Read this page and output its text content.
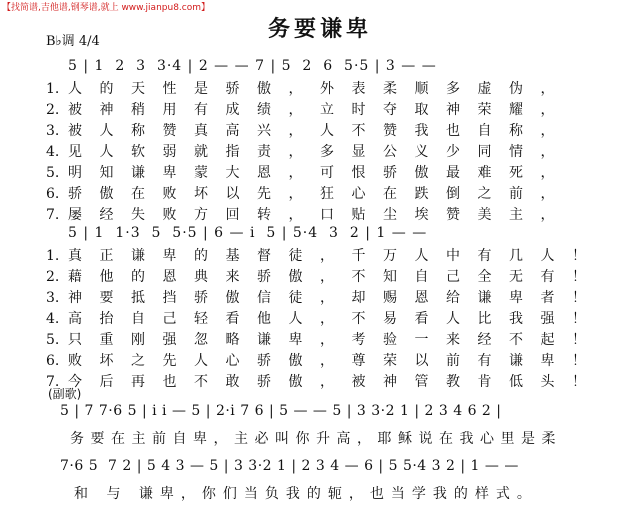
【找简谱,吉他谱,钢琴谱,就上 www.jianpu8.com】
务要谦卑
B♭调 4/4
5 | 1  2  3  3·4 | 2 — — 7 | 5  2  6  5·5 | 3 — —
1. 人的天性是骄傲，外表柔顺多虚伪，
2. 被神稍用有成绩，立时夺取神荣耀，
3. 被人称赞真高兴，人不赞我也自称，
4. 见人软弱就指责，多显公义少同情，
5. 明知谦卑蒙大恩，可恨骄傲最难死，
6. 骄傲在败坏以先，狂心在跌倒之前，
7. 屡经失败方回转，口贴尘埃赞美主，
5 | 1  1·3  5  5·5 | 6 — i  5 | 5·4  3  2 | 1 — —
1. 真正谦卑的基督徒，千万人中有几人！
2. 藉他的恩典来骄傲，不知自己全无有！
3. 神要抵挡骄傲信徒，却赐恩给谦卑者！
4. 高抬自己轻看他人，不易看人比我强！
5. 只重刚强忽略谦卑，考验一来经不起！
6. 败坏之先人心骄傲，尊荣以前有谦卑！
7. 今后再也不敢骄傲，被神管教肯低头！
(副歌)
5 | 7 7·6 5 | i i — 5 | 2·i 7 6 | 5 — — 5 | 3 3·2 1 | 2 3 4 6 2 |
务要在主前自卑，主必叫你升高，耶稣说在我心里是柔
7·6 5  7 2 | 5 4 3 — 5 | 3 3·2 1 | 2 3 4 — 6 | 5 5·4 3 2 | 1 — —
和 与 谦卑，你们当负我的轭，也当学我的样式。
